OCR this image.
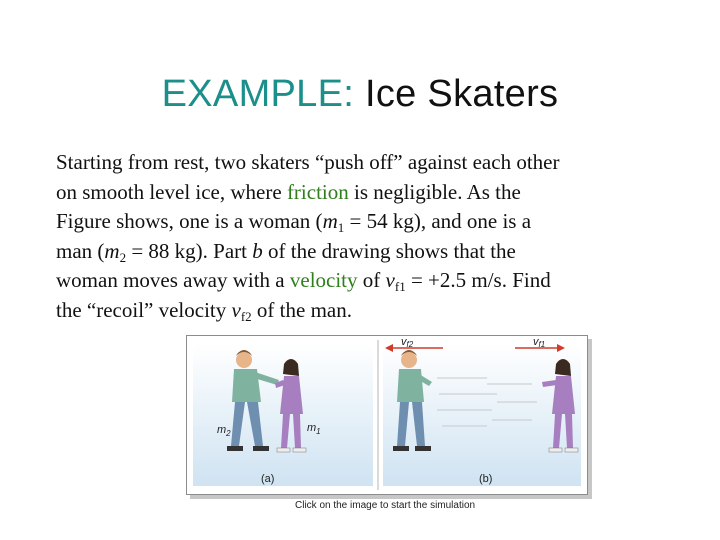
EXAMPLE: Ice Skaters

Starting from rest, two skaters “push off” against each other

on smooth level ice, where friction is negligible. As the

Figure shows, one is a woman ($m_1 = 54$ kg), and one is a

man ($m_2 = 88$ kg). Part b of the drawing shows that the

woman moves away with a velocity of $v_{f1} = +2.5$ m/s. Find

the “recoil” velocity $v_{f2}$ of the man.

$m_2$	$m_1$
(a)
vf2	vf1
(b)
Click on the image to start the simulation
